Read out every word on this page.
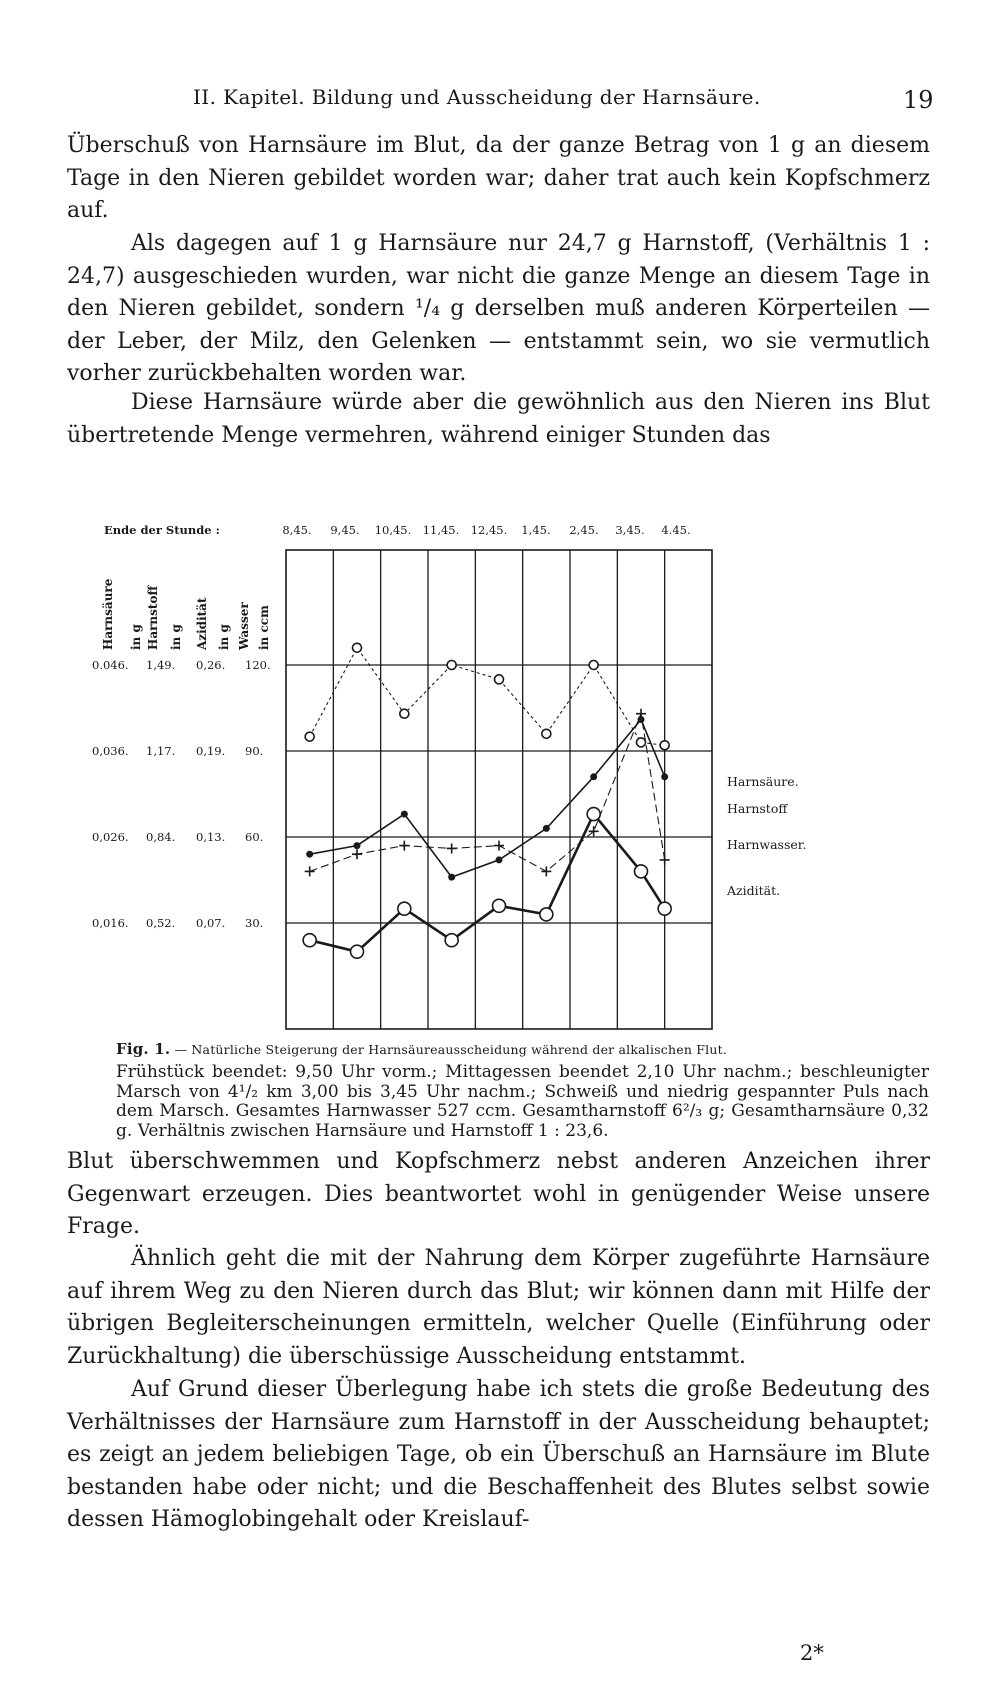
II. Kapitel. Bildung und Ausscheidung der Harnsäure.	19

Überschuß von Harnsäure im Blut, da der ganze Betrag von 1 g an diesem Tage in den Nieren gebildet worden war; daher trat auch kein Kopfschmerz auf.

Als dagegen auf 1 g Harnsäure nur 24,7 g Harnstoff, (Verhältnis 1 : 24,7) ausgeschieden wurden, war nicht die ganze Menge an diesem Tage in den Nieren gebildet, sondern ¹/₄ g derselben muß anderen Körperteilen — der Leber, der Milz, den Gelenken — entstammt sein, wo sie vermutlich vorher zurückbehalten worden war.

Diese Harnsäure würde aber die gewöhnlich aus den Nieren ins Blut übertretende Menge vermehren, während einiger Stunden das

Ende der Stunde :	8,45. 9,45. 10,45. 11,45. 12,45. 1,45. 2,45. 3,45. 4.45.
Harnsäure in g Harnstoff in g Azidität in g Wasser in ccm
0.046. 1,49. 0,26. 120.
0,036. 1,17. 0,19. 90.
0,026. 0,84. 0,13. 60.
0,016. 0,52. 0,07. 30.
Harnsäure.
Harnstoff
Harnwasser.
Azidität.
Fig. 1. — Natürliche Steigerung der Harnsäureausscheidung während der alkalischen Flut.

Frühstück beendet: 9,50 Uhr vorm.; Mittagessen beendet 2,10 Uhr nachm.; beschleunigter Marsch von 4¹/₂ km 3,00 bis 3,45 Uhr nachm.; Schweiß und niedrig gespannter Puls nach dem Marsch. Gesamtes Harnwasser 527 ccm. Gesamtharnstoff 6²/₃ g; Gesamtharnsäure 0,32 g. Verhältnis zwischen Harnsäure und Harnstoff 1 : 23,6.

Blut überschwemmen und Kopfschmerz nebst anderen Anzeichen ihrer Gegenwart erzeugen. Dies beantwortet wohl in genügender Weise unsere Frage.

Ähnlich geht die mit der Nahrung dem Körper zugeführte Harnsäure auf ihrem Weg zu den Nieren durch das Blut; wir können dann mit Hilfe der übrigen Begleiterscheinungen ermitteln, welcher Quelle (Einführung oder Zurückhaltung) die überschüssige Ausscheidung entstammt.

Auf Grund dieser Überlegung habe ich stets die große Bedeutung des Verhältnisses der Harnsäure zum Harnstoff in der Ausscheidung behauptet; es zeigt an jedem beliebigen Tage, ob ein Überschuß an Harnsäure im Blute bestanden habe oder nicht; und die Beschaffenheit des Blutes selbst sowie dessen Hämoglobingehalt oder Kreislauf-

2*
